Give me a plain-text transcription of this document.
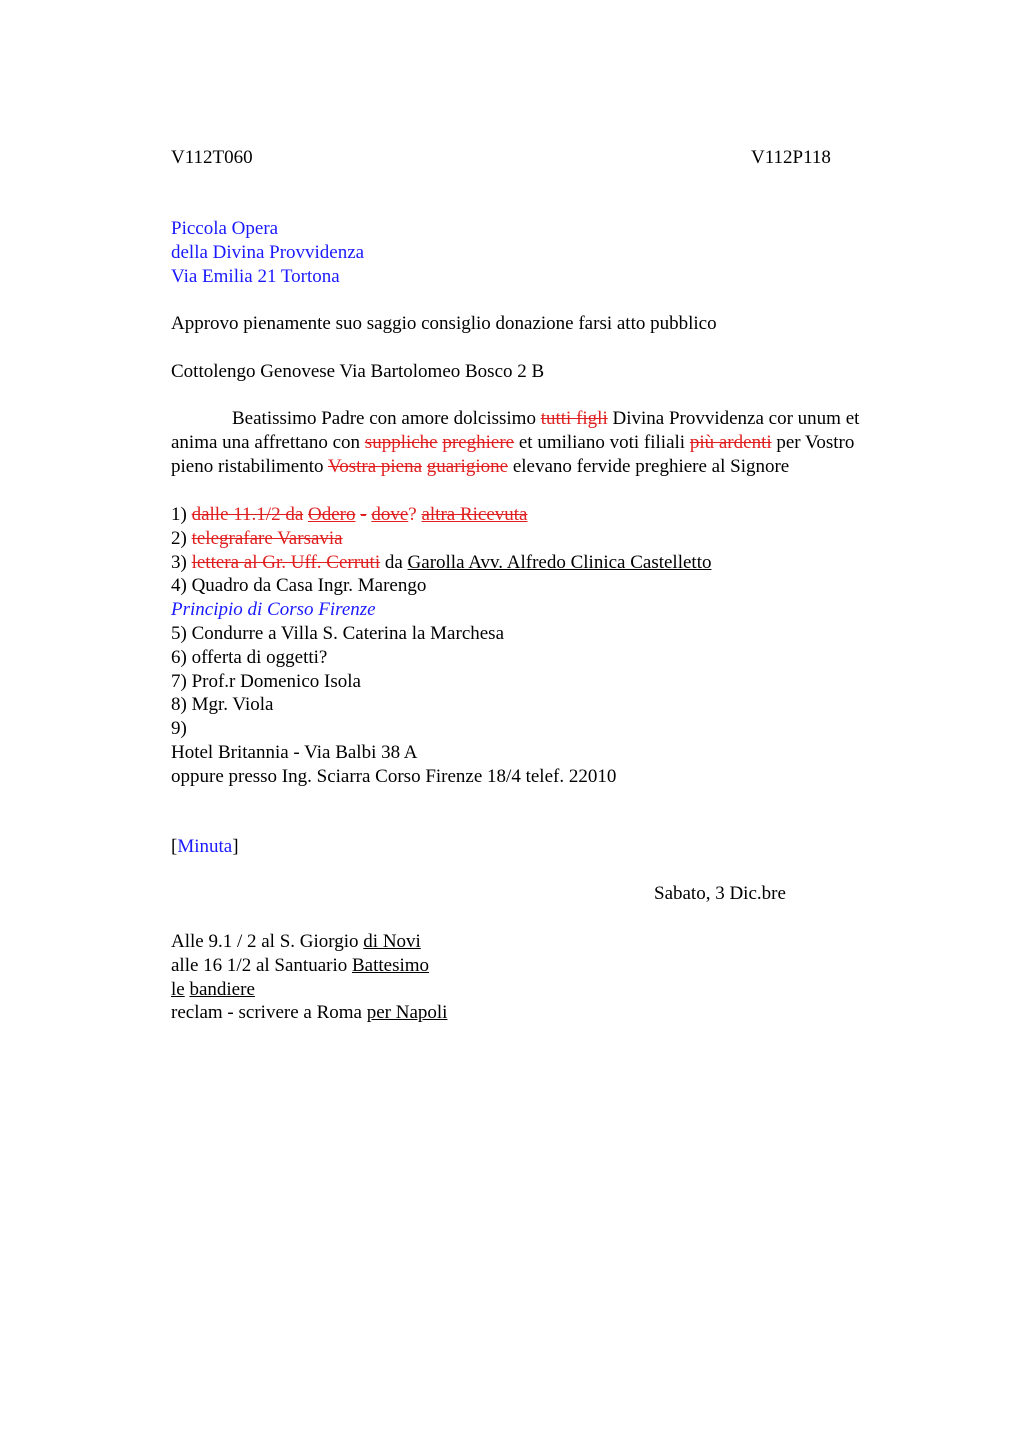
V112T060	V112P118
Piccola Opera
della Divina Provvidenza
Via Emilia 21 Tortona
Approvo pienamente suo saggio consiglio donazione farsi atto pubblico
Cottolengo Genovese Via Bartolomeo Bosco 2 B
Beatissimo Padre con amore dolcissimo tutti figli Divina Provvidenza cor unum et
anima una affrettano con suppliche preghiere et umiliano voti filiali più ardenti per Vostro
pieno ristabilimento Vostra piena guarigione elevano fervide preghiere al Signore
1) dalle 11.1/2 da Odero - dove? altra Ricevuta
2) telegrafare Varsavia
3) lettera al Gr. Uff. Cerruti da Garolla Avv. Alfredo Clinica Castelletto
4) Quadro da Casa Ingr. Marengo
Principio di Corso Firenze
5) Condurre a Villa S. Caterina la Marchesa
6) offerta di oggetti?
7) Prof.r Domenico Isola
8) Mgr. Viola
9)
Hotel Britannia - Via Balbi 38 A
oppure presso Ing. Sciarra Corso Firenze 18/4 telef. 22010
[Minuta]
Sabato, 3 Dic.bre
Alle 9.1 / 2 al S. Giorgio di Novi
alle 16 1/2 al Santuario Battesimo
le bandiere
reclam - scrivere a Roma per Napoli
